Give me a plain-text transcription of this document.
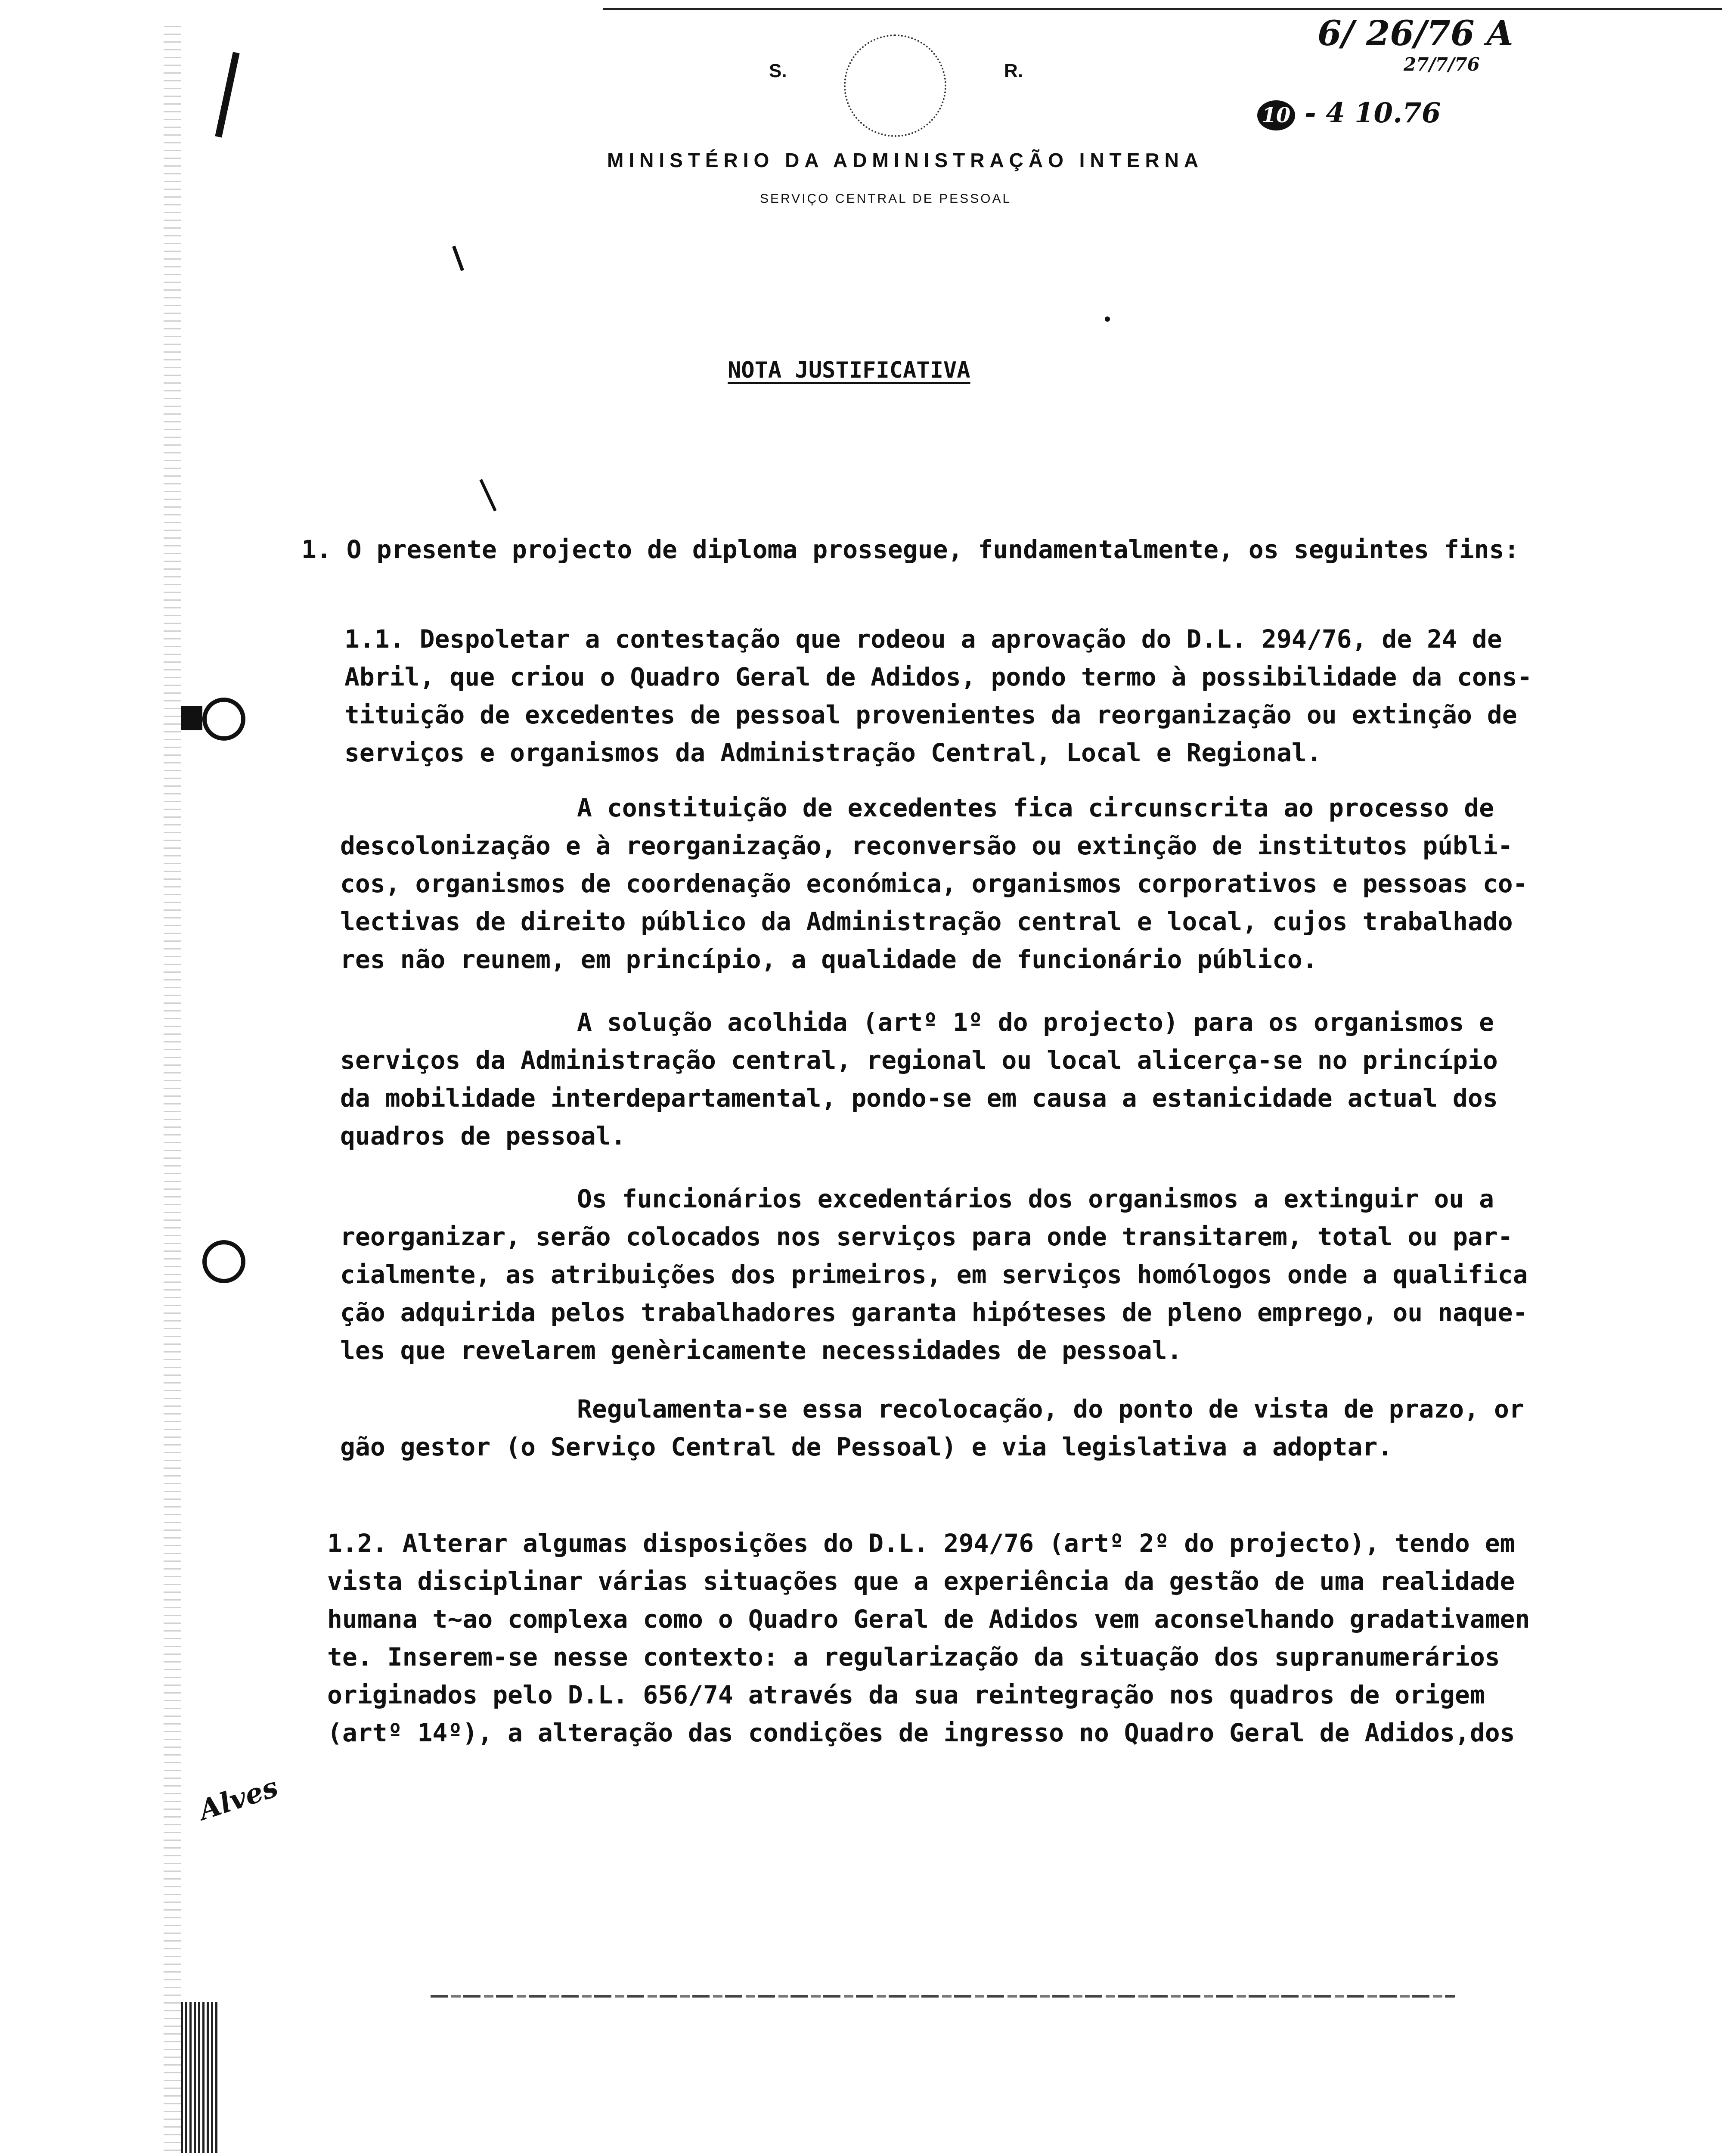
S.	R.
MINISTÉRIO DA ADMINISTRAÇÃO INTERNA
SERVIÇO CENTRAL DE PESSOAL
6/ 26/76 A
27/7/76
10 - 4 10.76
Alves
NOTA JUSTIFICATIVA
1. O presente projecto de diploma prossegue, fundamentalmente, os seguintes fins:
1.1. Despoletar a contestação que rodeou a aprovação do D.L. 294/76, de 24 de
Abril, que criou o Quadro Geral de Adidos, pondo termo à possibilidade da cons-
tituição de excedentes de pessoal provenientes da reorganização ou extinção de
serviços e organismos da Administração Central, Local e Regional.
A constituição de excedentes fica circunscrita ao processo de
descolonização e à reorganização, reconversão ou extinção de institutos públi-
cos, organismos de coordenação económica, organismos corporativos e pessoas co-
lectivas de direito público da Administração central e local, cujos trabalhado
res não reunem, em princípio, a qualidade de funcionário público.
A solução acolhida (artº 1º do projecto) para os organismos e
serviços da Administração central, regional ou local alicerça-se no princípio
da mobilidade interdepartamental, pondo-se em causa a estanicidade actual dos
quadros de pessoal.
Os funcionários excedentários dos organismos a extinguir ou a
reorganizar, serão colocados nos serviços para onde transitarem, total ou par-
cialmente, as atribuições dos primeiros, em serviços homólogos onde a qualifica
ção adquirida pelos trabalhadores garanta hipóteses de pleno emprego, ou naque-
les que revelarem genèricamente necessidades de pessoal.
Regulamenta-se essa recolocação, do ponto de vista de prazo, or
gão gestor (o Serviço Central de Pessoal) e via legislativa a adoptar.
1.2. Alterar algumas disposições do D.L. 294/76 (artº 2º do projecto), tendo em
vista disciplinar várias situações que a experiência da gestão de uma realidade
humana t~ao complexa como o Quadro Geral de Adidos vem aconselhando gradativamen
te. Inserem-se nesse contexto: a regularização da situação dos supranumerários
originados pelo D.L. 656/74 através da sua reintegração nos quadros de origem
(artº 14º), a alteração das condições de ingresso no Quadro Geral de Adidos,dos
